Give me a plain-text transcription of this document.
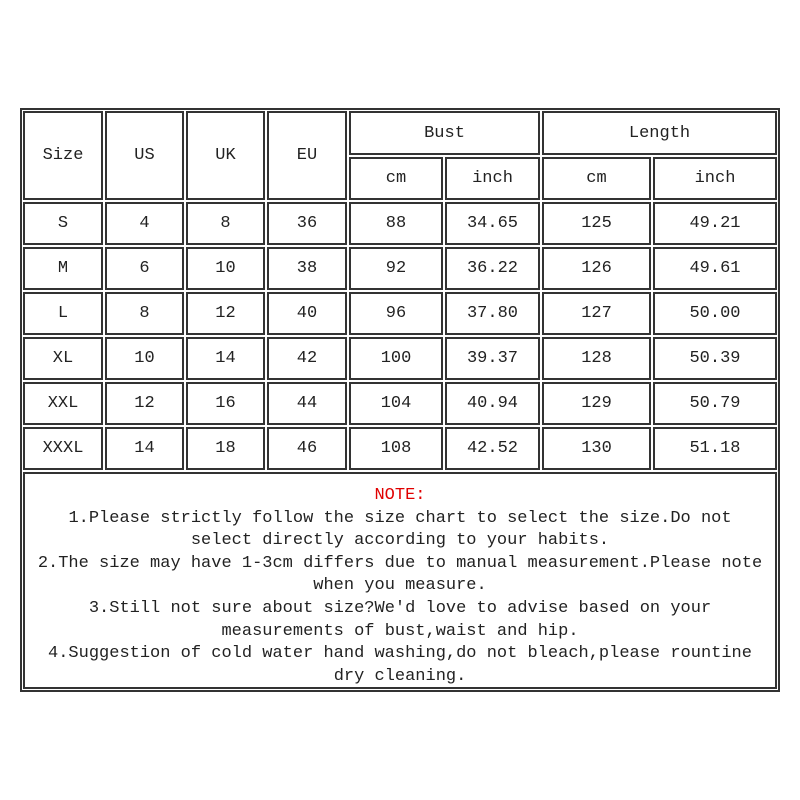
Size	US	UK	EU
Bust	Length
cm	inch	cm	inch
S	4	8	36	88	34.65	125	49.21
M	6	10	38	92	36.22	126	49.61
L	8	12	40	96	37.80	127	50.00
XL	10	14	42	100	39.37	128	50.39
XXL	12	16	44	104	40.94	129	50.79
XXXL	14	18	46	108	42.52	130	51.18
NOTE:
1.Please strictly follow the size chart to select the size.Do not select directly according to your habits.
2.The size may have 1-3cm differs due to manual measurement.Please note when you measure.
3.Still not sure about size?We'd love to advise based on your measurements of bust,waist and hip.
4.Suggestion of cold water hand washing,do not bleach,please rountine dry cleaning.
